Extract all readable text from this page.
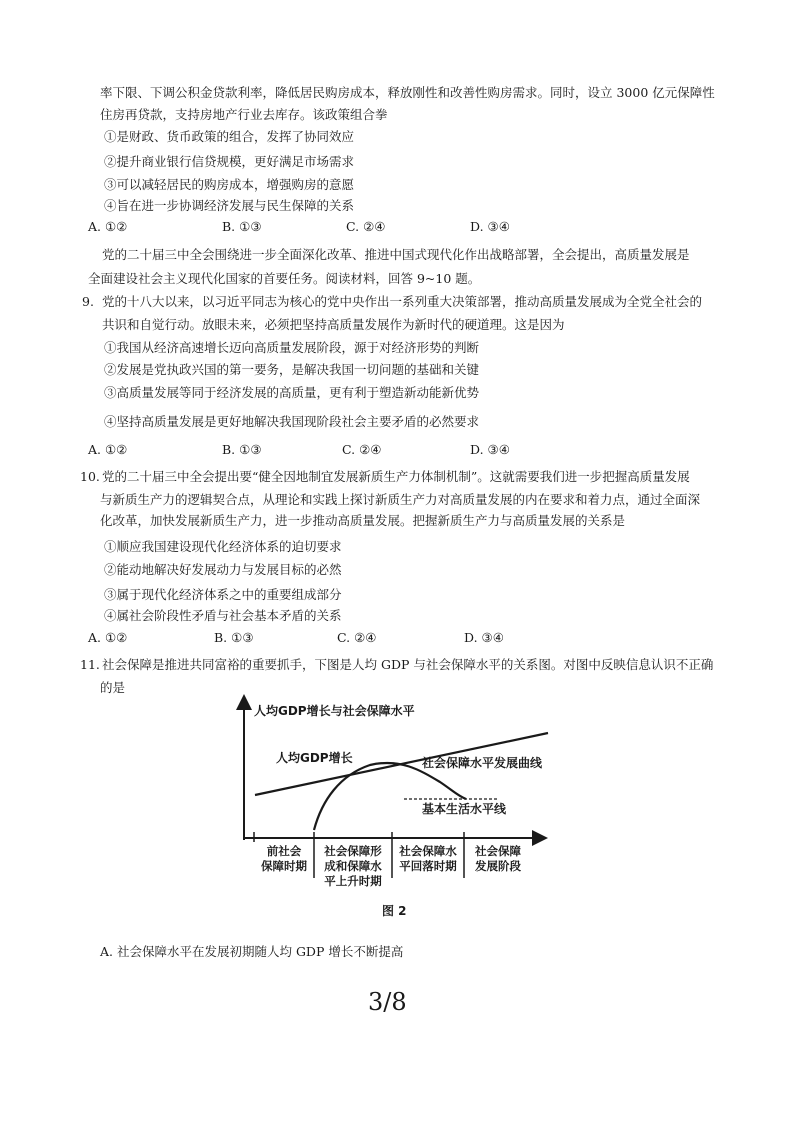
率下限、下调公积金贷款利率，降低居民购房成本，释放刚性和改善性购房需求。同时，设立 3000 亿元保障性
住房再贷款，支持房地产行业去库存。该政策组合拳
①是财政、货币政策的组合，发挥了协同效应
②提升商业银行信贷规模，更好满足市场需求
③可以减轻居民的购房成本，增强购房的意愿
④旨在进一步协调经济发展与民生保障的关系
A. ①②	B. ①③	C. ②④	D. ③④
党的二十届三中全会围绕进一步全面深化改革、推进中国式现代化作出战略部署，全会提出，高质量发展是
全面建设社会主义现代化国家的首要任务。阅读材料，回答 9~10 题。
9. 党的十八大以来，以习近平同志为核心的党中央作出一系列重大决策部署，推动高质量发展成为全党全社会的
共识和自觉行动。放眼未来，必须把坚持高质量发展作为新时代的硬道理。这是因为
①我国从经济高速增长迈向高质量发展阶段，源于对经济形势的判断
②发展是党执政兴国的第一要务，是解决我国一切问题的基础和关键
③高质量发展等同于经济发展的高质量，更有利于塑造新动能新优势
④坚持高质量发展是更好地解决我国现阶段社会主要矛盾的必然要求
A. ①②	B. ①③	C. ②④	D. ③④
10. 党的二十届三中全会提出要“健全因地制宜发展新质生产力体制机制”。这就需要我们进一步把握高质量发展
与新质生产力的逻辑契合点，从理论和实践上探讨新质生产力对高质量发展的内在要求和着力点，通过全面深
化改革，加快发展新质生产力，进一步推动高质量发展。把握新质生产力与高质量发展的关系是
①顺应我国建设现代化经济体系的迫切要求
②能动地解决好发展动力与发展目标的必然
③属于现代化经济体系之中的重要组成部分
④属社会阶段性矛盾与社会基本矛盾的关系
A. ①②	B. ①③	C. ②④	D. ③④
11. 社会保障是推进共同富裕的重要抓手，下图是人均 GDP 与社会保障水平的关系图。对图中反映信息认识不正确
的是
人均GDP增长与社会保障水平
人均GDP增长	社会保障水平发展曲线
基本生活水平线
前社会
保障时期
社会保障形
成和保障水
平上升时期
社会保障水
平回落时期
社会保障
发展阶段
图 2
A. 社会保障水平在发展初期随人均 GDP 增长不断提高
3/8
